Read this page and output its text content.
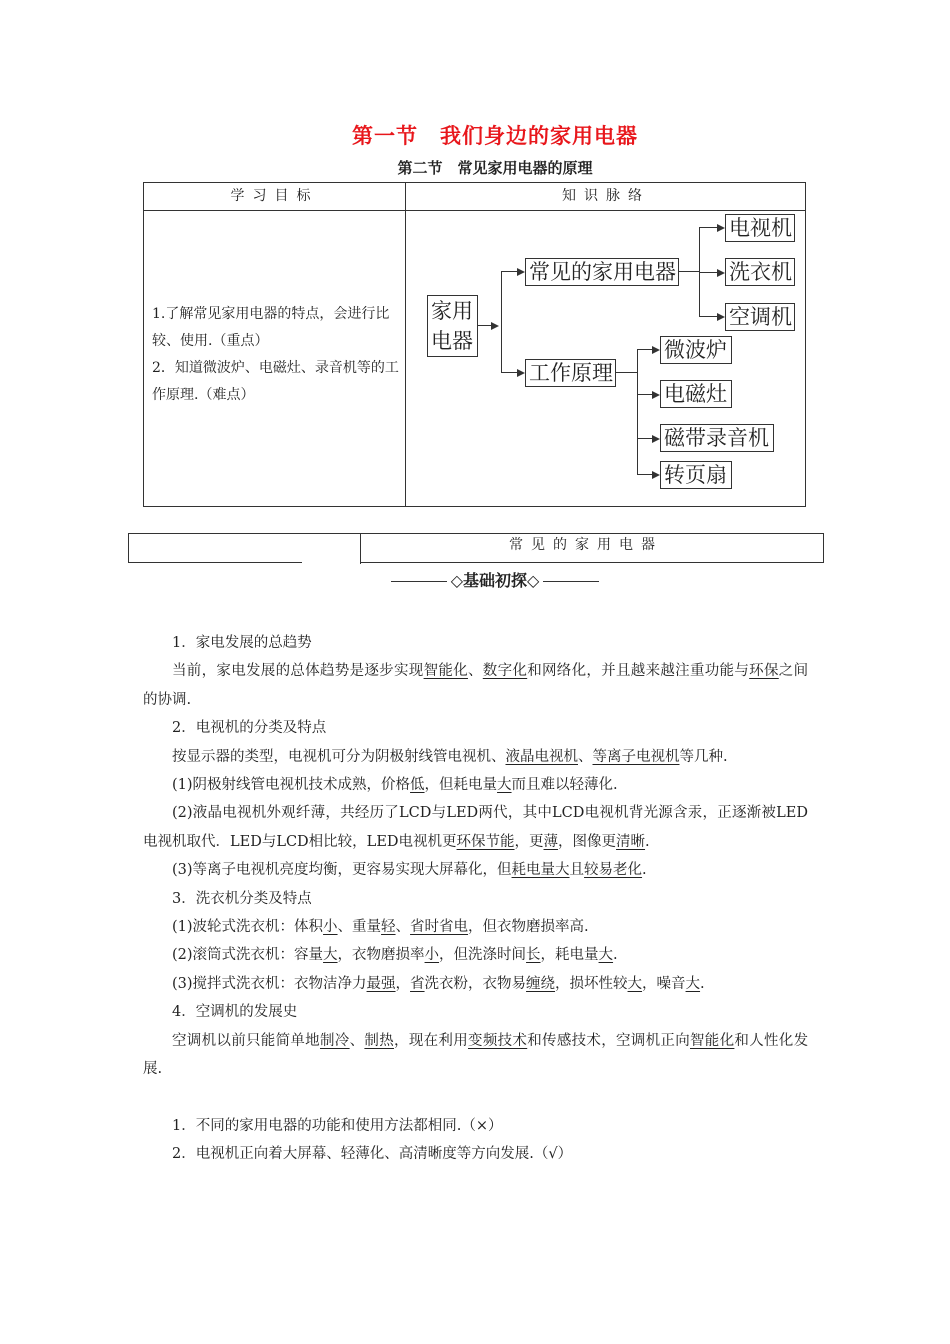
第一节　我们身边的家用电器
第二节　常见家用电器的原理
学习目标	知识脉络
1.了解常见家用电器的特点，会进行比较、使用.（重点）
2．知道微波炉、电磁灶、录音机等的工作原理.（难点）
家用电器
常见的家用电器
工作原理
电视机
洗衣机
空调机
微波炉
电磁灶
磁带录音机
转页扇
常见的家用电器
◇基础初探◇

1．家电发展的总趋势

当前，家电发展的总体趋势是逐步实现智能化、数字化和网络化，并且越来越注重功能与环保之间的协调.

2．电视机的分类及特点

按显示器的类型，电视机可分为阴极射线管电视机、液晶电视机、等离子电视机等几种.

(1)阴极射线管电视机技术成熟，价格低，但耗电量大而且难以轻薄化.

(2)液晶电视机外观纤薄，共经历了LCD与LED两代，其中LCD电视机背光源含汞，正逐渐被LED电视机取代．LED与LCD相比较，LED电视机更环保节能，更薄，图像更清晰.

(3)等离子电视机亮度均衡，更容易实现大屏幕化，但耗电量大且较易老化.

3．洗衣机分类及特点

(1)波轮式洗衣机：体积小、重量轻、省时省电，但衣物磨损率高.

(2)滚筒式洗衣机：容量大，衣物磨损率小，但洗涤时间长，耗电量大.

(3)搅拌式洗衣机：衣物洁净力最强，省洗衣粉，衣物易缠绕，损坏性较大，噪音大.

4．空调机的发展史

空调机以前只能简单地制冷、制热，现在利用变频技术和传感技术，空调机正向智能化和人性化发展.

1．不同的家用电器的功能和使用方法都相同.（×）

2．电视机正向着大屏幕、轻薄化、高清晰度等方向发展.（√）
